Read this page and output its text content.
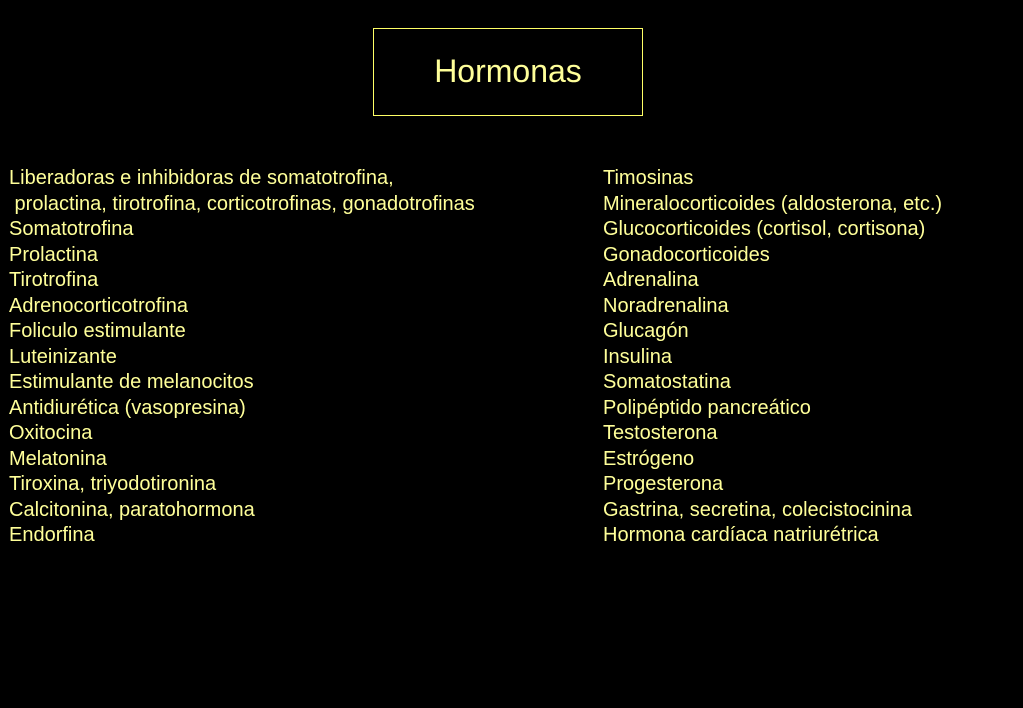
Hormonas
Liberadoras e inhibidoras de somatotrofina,
prolactina, tirotrofina, corticotrofinas, gonadotrofinas
Somatotrofina
Prolactina
Tirotrofina
Adrenocorticotrofina
Foliculo estimulante
Luteinizante
Estimulante de melanocitos
Antidiurética (vasopresina)
Oxitocina
Melatonina
Tiroxina, triyodotironina
Calcitonina, paratohormona
Endorfina
Timosinas
Mineralocorticoides (aldosterona, etc.)
Glucocorticoides (cortisol, cortisona)
Gonadocorticoides
Adrenalina
Noradrenalina
Glucagón
Insulina
Somatostatina
Polipéptido pancreático
Testosterona
Estrógeno
Progesterona
Gastrina, secretina, colecistocinina
Hormona cardíaca natriurétrica
